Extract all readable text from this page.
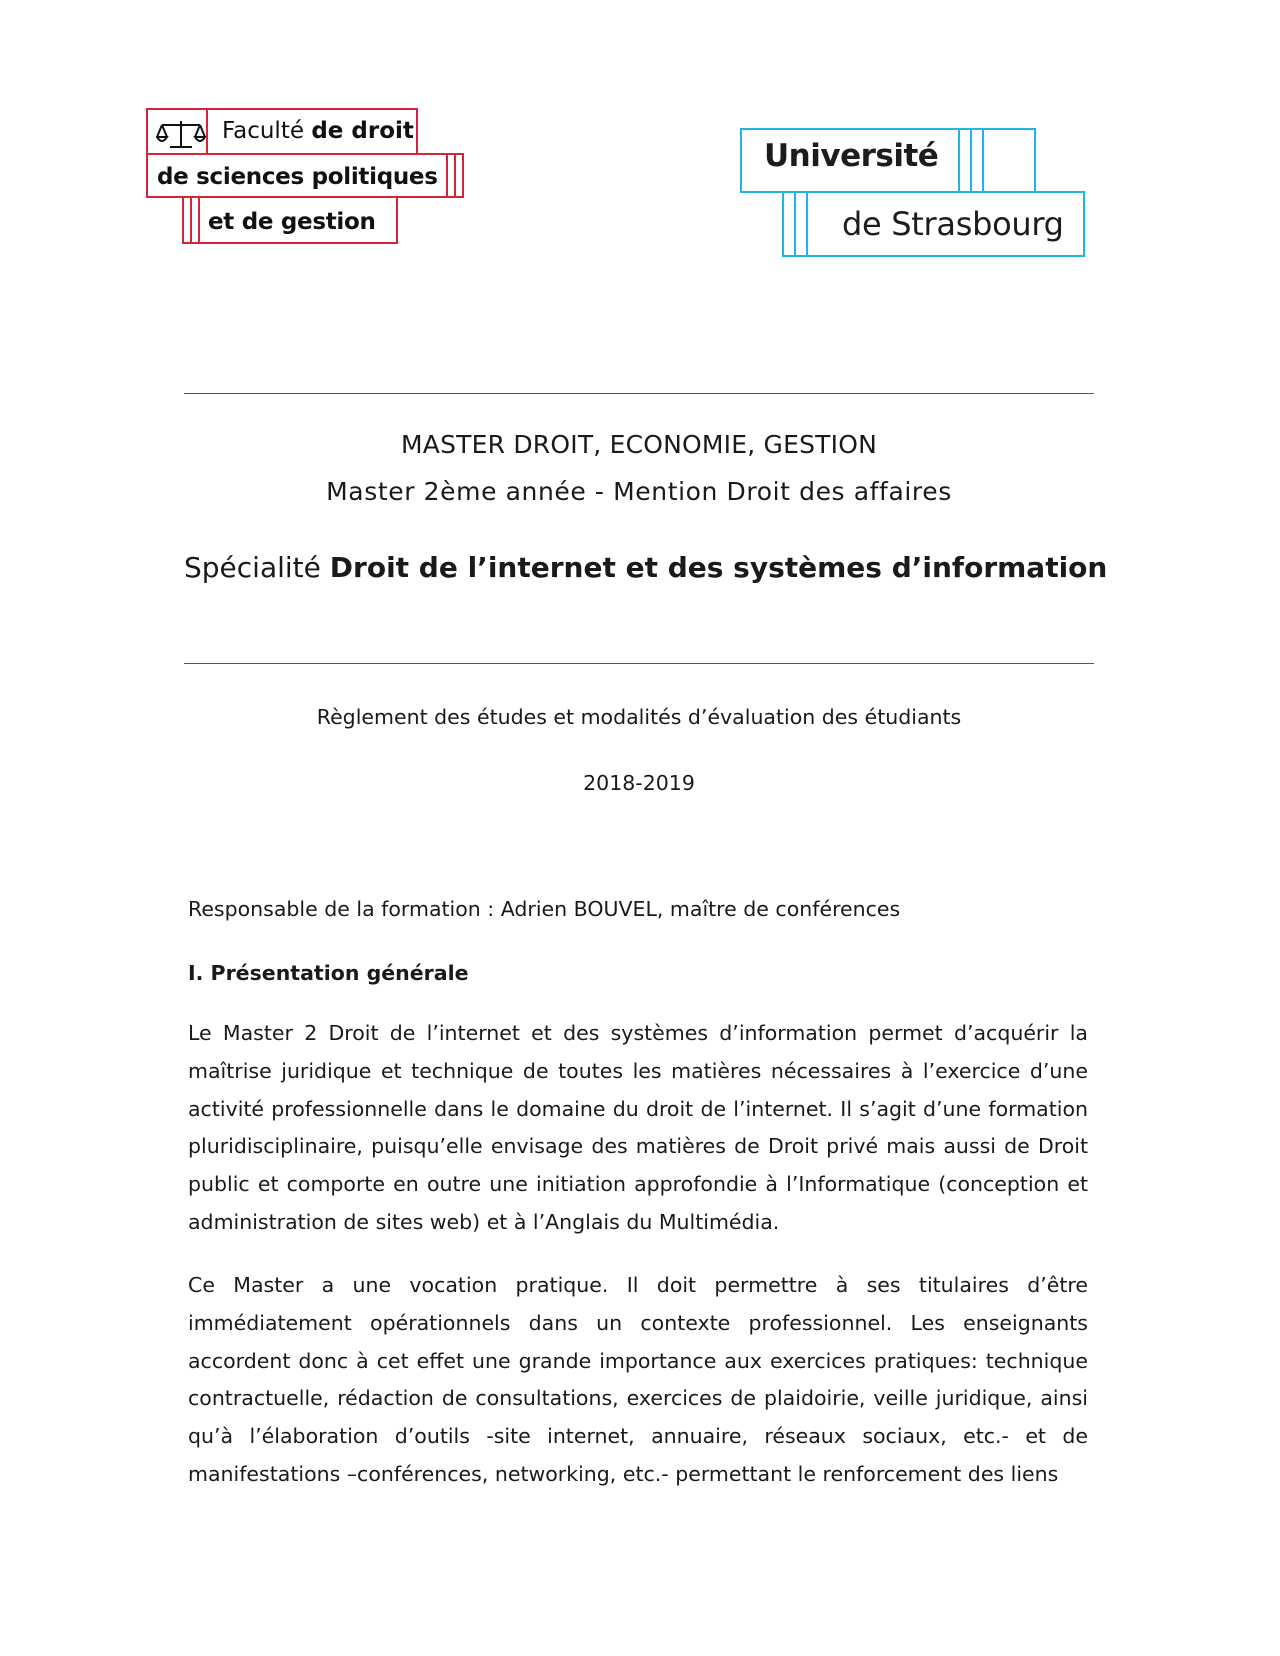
Faculté de droit
de sciences politiques
et de gestion
Université
de Strasbourg
MASTER DROIT, ECONOMIE, GESTION
Master 2ème année - Mention Droit des affaires
Spécialité Droit de l’internet et des systèmes d’information
Règlement des études et modalités d’évaluation des étudiants
2018-2019
Responsable de la formation : Adrien BOUVEL, maître de conférences
I. Présentation générale
Le Master 2 Droit de l’internet et des systèmes d’information permet d’acquérir la maîtrise juridique et technique de toutes les matières nécessaires à l’exercice d’une activité professionnelle dans le domaine du droit de l’internet. Il s’agit d’une formation pluridisciplinaire, puisqu’elle envisage des matières de Droit privé mais aussi de Droit public et comporte en outre une initiation approfondie à l’Informatique (conception et administration de sites web) et à l’Anglais du Multimédia.
Ce Master a une vocation pratique. Il doit permettre à ses titulaires d’être immédiatement opérationnels dans un contexte professionnel. Les enseignants accordent donc à cet effet une grande importance aux exercices pratiques: technique contractuelle, rédaction de consultations, exercices de plaidoirie, veille juridique, ainsi qu’à l’élaboration d’outils -site internet, annuaire, réseaux sociaux, etc.- et de manifestations –conférences, networking, etc.- permettant le renforcement des liens
